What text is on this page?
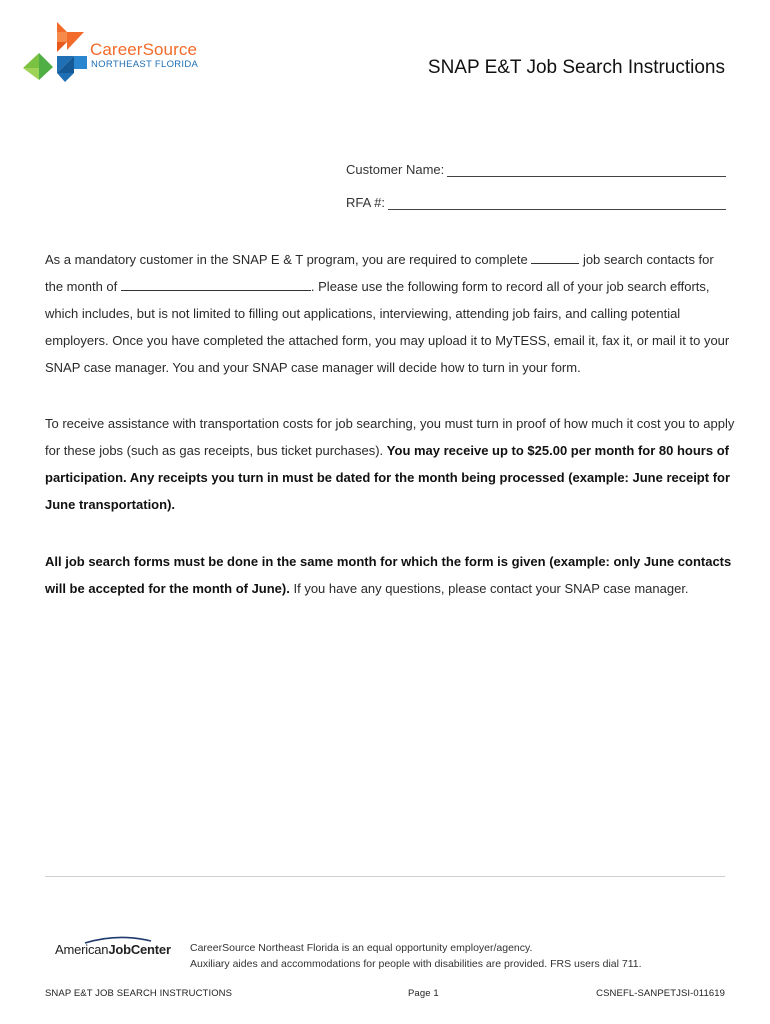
CareerSource
NORTHEAST FLORIDA	SNAP E&T Job Search Instructions
Customer Name:
RFA #:
As a mandatory customer in the SNAP E & T program, you are required to complete	job search contacts for the month of	. Please use the following form to record all of your job search efforts, which includes, but is not limited to filling out applications, interviewing, attending job fairs, and calling potential employers. Once you have completed the attached form, you may upload it to MyTESS, email it, fax it, or mail it to your SNAP case manager. You and your SNAP case manager will decide how to turn in your form.
To receive assistance with transportation costs for job searching, you must turn in proof of how much it cost you to apply for these jobs (such as gas receipts, bus ticket purchases). You may receive up to $25.00 per month for 80 hours of participation. Any receipts you turn in must be dated for the month being processed (example: June receipt for June transportation).
All job search forms must be done in the same month for which the form is given (example: only June contacts will be accepted for the month of June). If you have any questions, please contact your SNAP case manager.
AmericanJobCenter CareerSource Northeast Florida is an equal opportunity employer/agency.
Auxiliary aides and accommodations for people with disabilities are provided. FRS users dial 711.
SNAP E&T JOB SEARCH INSTRUCTIONS	Page 1	CSNEFL-SANPETJSI-011619
